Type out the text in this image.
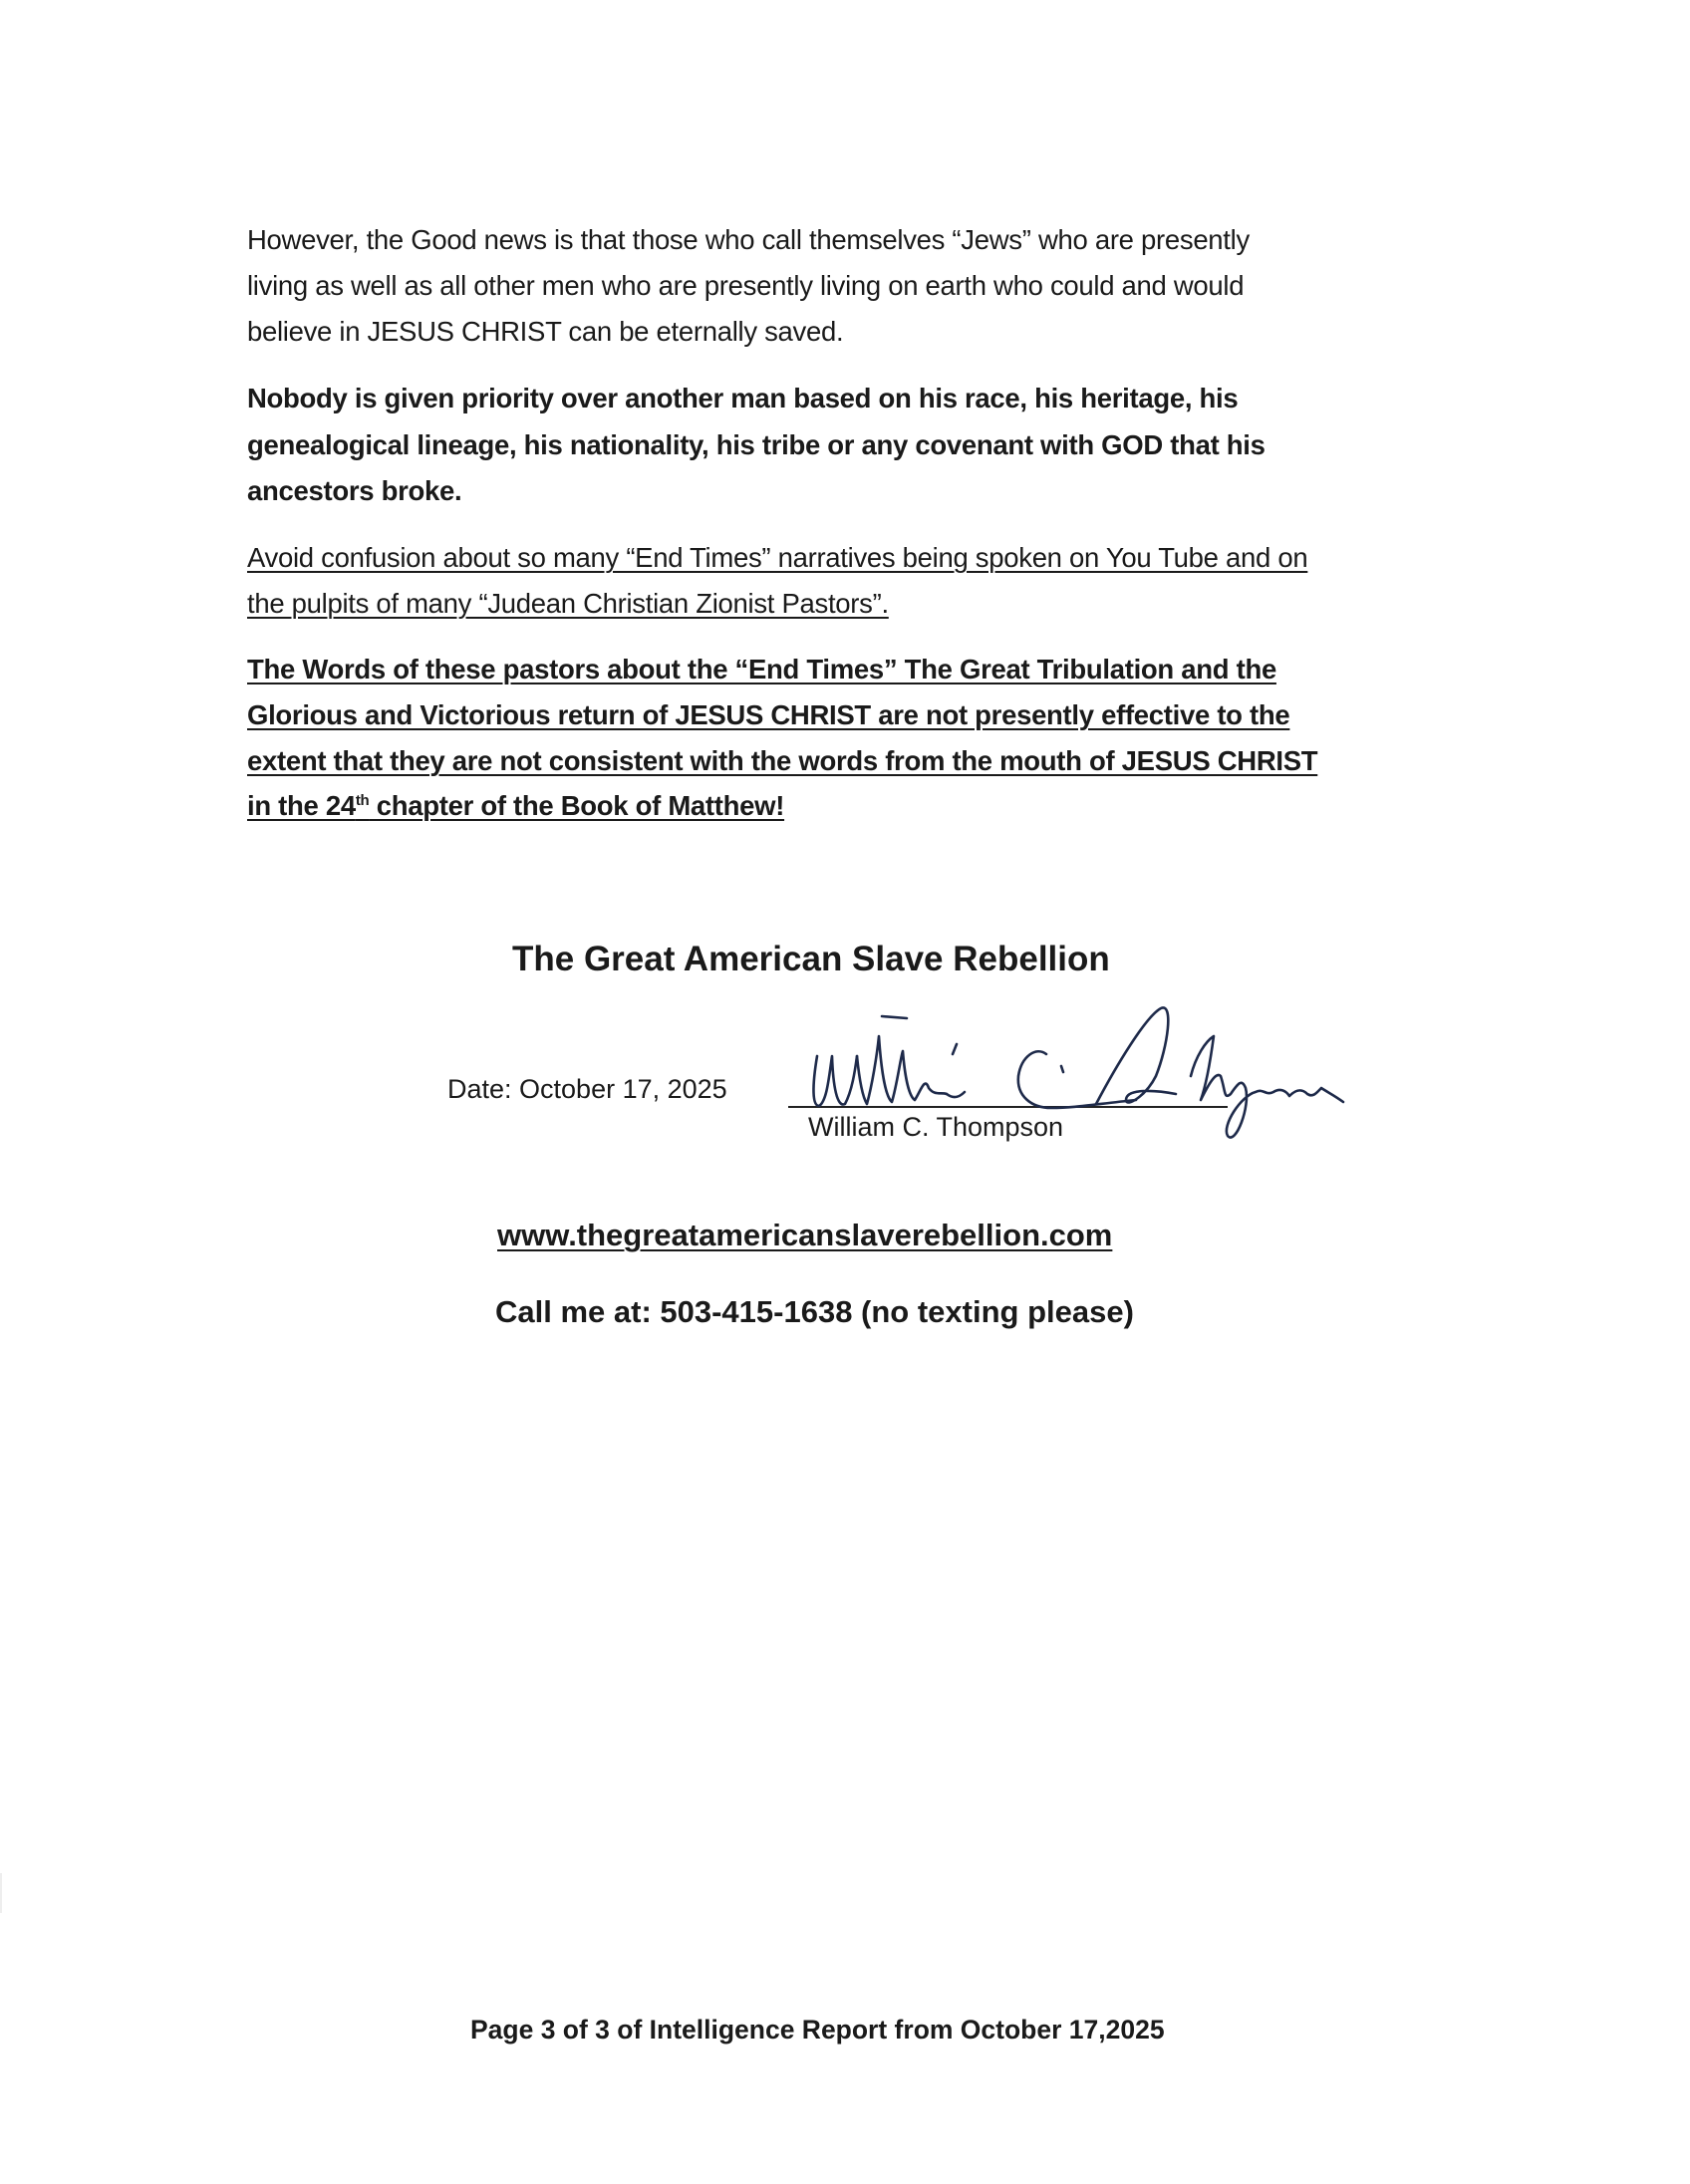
However, the Good news is that those who call themselves “Jews” who are presently
living as well as all other men who are presently living on earth who could and would
believe in JESUS CHRIST can be eternally saved.
Nobody is given priority over another man based on his race, his heritage, his
genealogical lineage, his nationality, his tribe or any covenant with GOD that his
ancestors broke.
Avoid confusion about so many “End Times” narratives being spoken on You Tube and on
the pulpits of many “Judean Christian Zionist Pastors”.
The Words of these pastors about the “End Times” The Great Tribulation and the
Glorious and Victorious return of JESUS CHRIST are not presently effective to the
extent that they are not consistent with the words from the mouth of JESUS CHRIST
in the 24th chapter of the Book of Matthew!
The Great American Slave Rebellion
Date: October 17, 2025
William C. Thompson
www.thegreatamericanslaverebellion.com
Call me at: 503-415-1638 (no texting please)
Page 3 of 3 of Intelligence Report from October 17,2025
